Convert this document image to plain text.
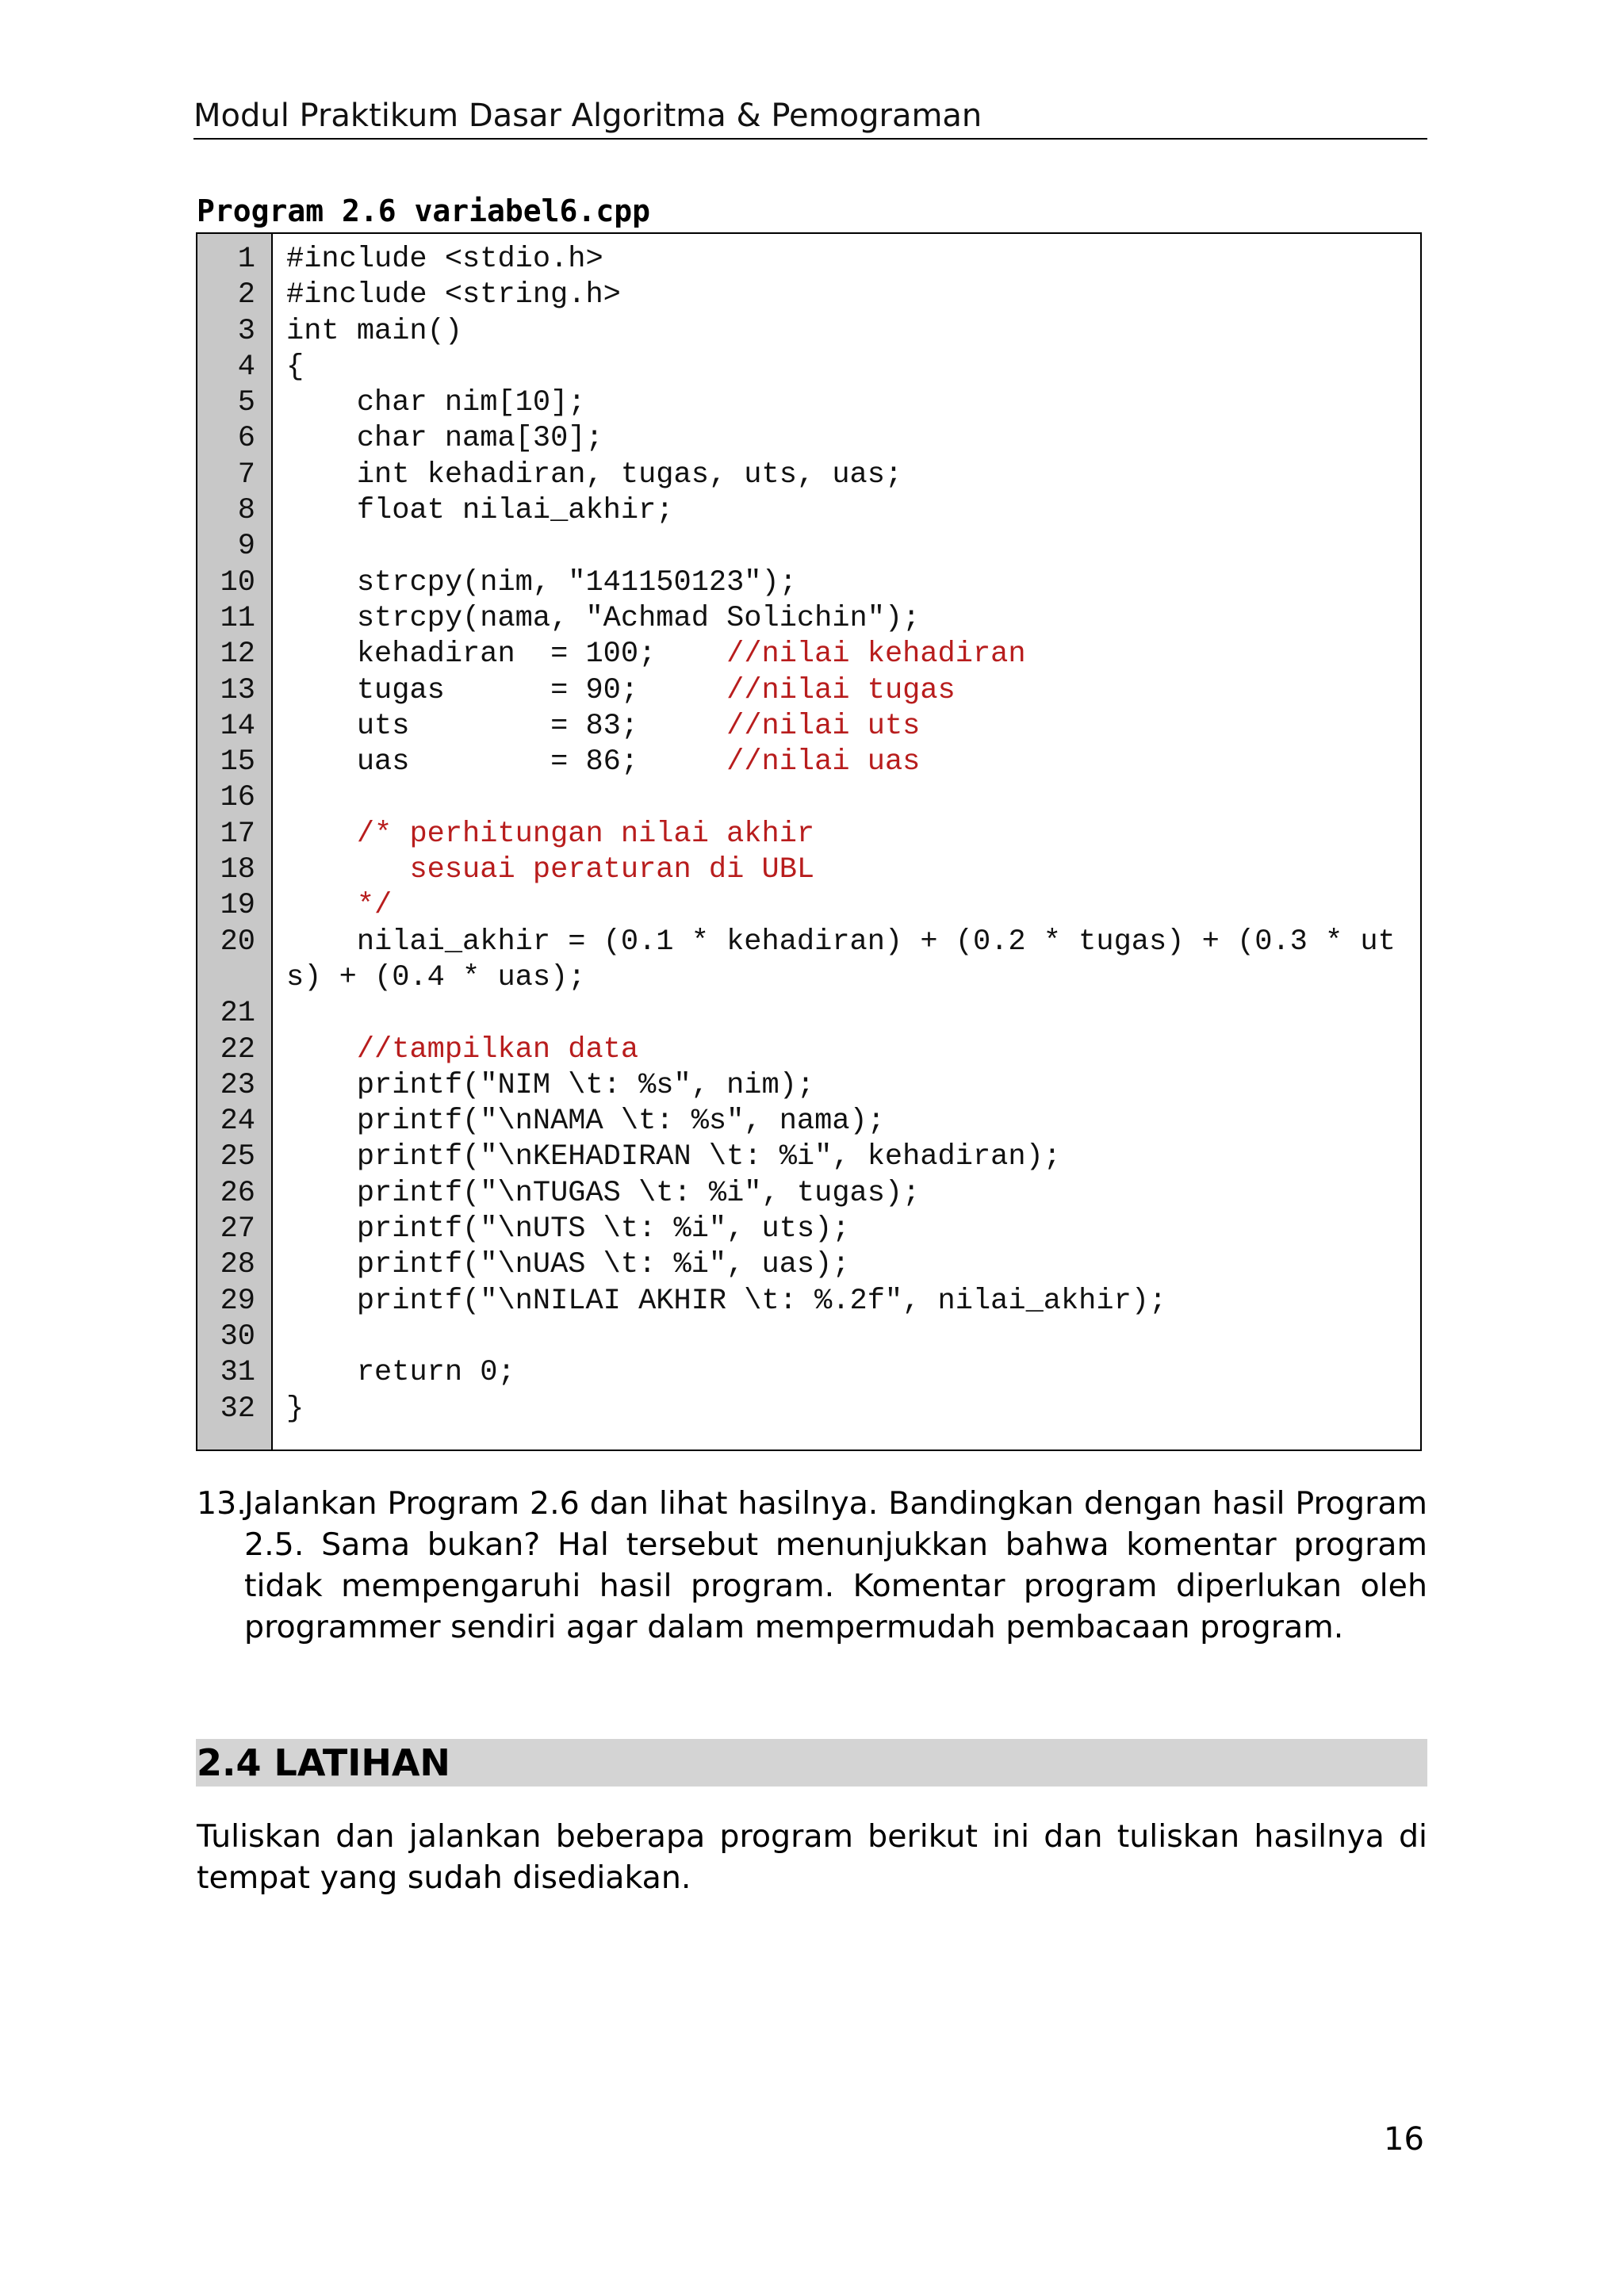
Modul Praktikum Dasar Algoritma & Pemograman
Program 2.6 variabel6.cpp
1	#include <stdio.h>
2	#include <string.h>
3	int main()
4	{
5	char nim[10];
6	char nama[30];
7	int kehadiran, tugas, uts, uas;
8	float nilai_akhir;
9
10	strcpy(nim, "141150123");
11	strcpy(nama, "Achmad Solichin");
12	kehadiran  = 100;    //nilai kehadiran
13	tugas      = 90;     //nilai tugas
14	uts        = 83;     //nilai uts
15	uas        = 86;     //nilai uas
16
17	/* perhitungan nilai akhir
18	sesuai peraturan di UBL
19	*/
20	nilai_akhir = (0.1 * kehadiran) + (0.2 * tugas) + (0.3 * uts) + (0.4 * uas);
21
22	//tampilkan data
23	printf("NIM \t: %s", nim);
24	printf("\nNAMA \t: %s", nama);
25	printf("\nKEHADIRAN \t: %i", kehadiran);
26	printf("\nTUGAS \t: %i", tugas);
27	printf("\nUTS \t: %i", uts);
28	printf("\nUAS \t: %i", uas);
29	printf("\nNILAI AKHIR \t: %.2f", nilai_akhir);
30
31	return 0;
32	}
13.
Jalankan Program 2.6 dan lihat hasilnya. Bandingkan dengan hasil Program 2.5. Sama bukan? Hal tersebut menunjukkan bahwa komentar program tidak mempengaruhi hasil program. Komentar program diperlukan oleh programmer sendiri agar dalam mempermudah pembacaan program.
2.4 LATIHAN
Tuliskan dan jalankan beberapa program berikut ini dan tuliskan hasilnya di tempat yang sudah disediakan.
16
